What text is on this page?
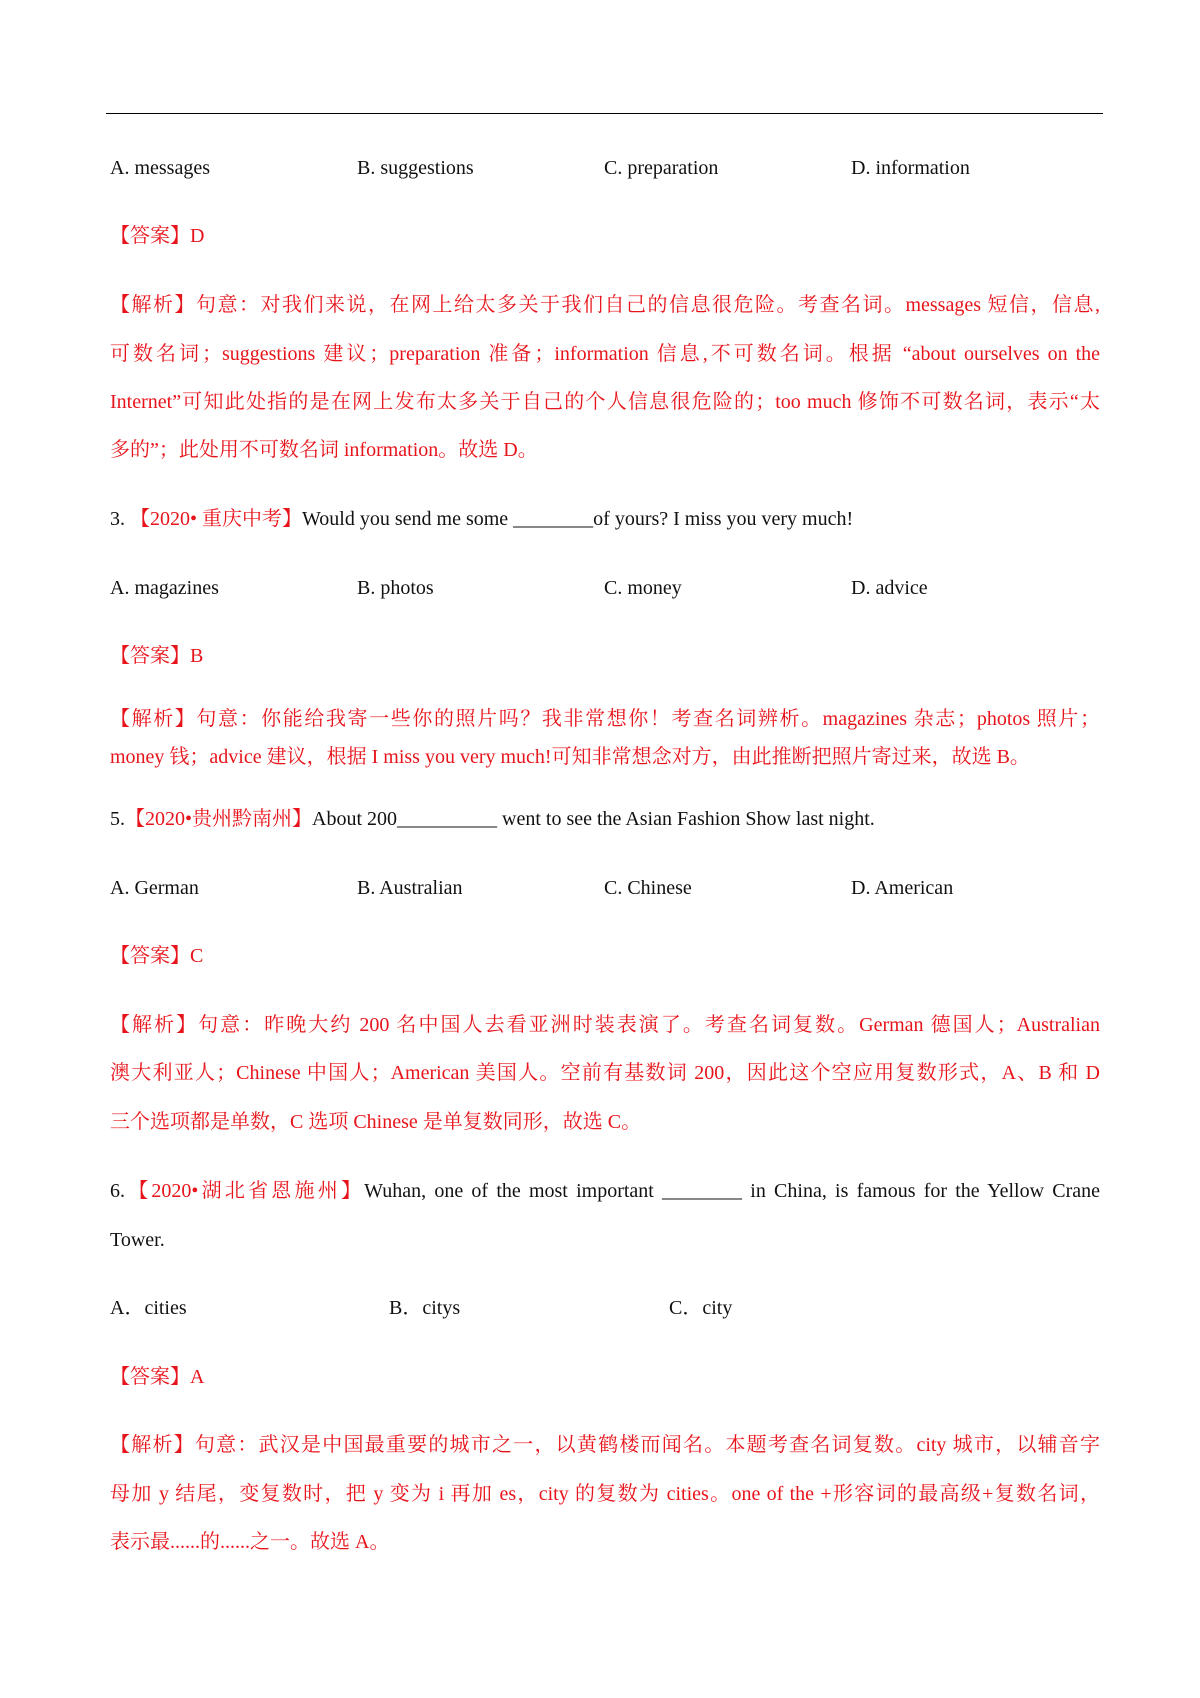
A. messages	B. suggestions	C. preparation	D. information
【答案】D
【解析】句意：对我们来说，在网上给太多关于我们自己的信息很危险。考查名词。messages 短信，信息,
可数名词；suggestions 建议；preparation 准备；information 信息,不可数名词。根据 “about ourselves on the
Internet”可知此处指的是在网上发布太多关于自己的个人信息很危险的；too much 修饰不可数名词，表示“太
多的”；此处用不可数名词 information。故选 D。
3. 【2020• 重庆中考】Would you send me some ________of yours? I miss you very much!
A. magazines	B. photos	C. money	D. advice
【答案】B
【解析】句意：你能给我寄一些你的照片吗？我非常想你！考查名词辨析。magazines 杂志；photos 照片；
money 钱；advice 建议，根据 I miss you very much!可知非常想念对方，由此推断把照片寄过来，故选 B。
5.【2020•贵州黔南州】About 200__________ went to see the Asian Fashion Show last night.
A. German	B. Australian	C. Chinese	D. American
【答案】C
【解析】句意：昨晚大约 200 名中国人去看亚洲时装表演了。考查名词复数。German 德国人；Australian
澳大利亚人；Chinese 中国人；American 美国人。空前有基数词 200，因此这个空应用复数形式，A、B 和 D
三个选项都是单数，C 选项 Chinese 是单复数同形，故选 C。
6.【2020•湖北省恩施州】Wuhan, one of the most important ________ in China, is famous for the Yellow Crane
Tower.
A．cities	B．citys	C．city
【答案】A
【解析】句意：武汉是中国最重要的城市之一，以黄鹤楼而闻名。本题考查名词复数。city 城市，以辅音字
母加 y 结尾，变复数时，把 y 变为 i 再加 es，city 的复数为 cities。one of the +形容词的最高级+复数名词，
表示最......的......之一。故选 A。
